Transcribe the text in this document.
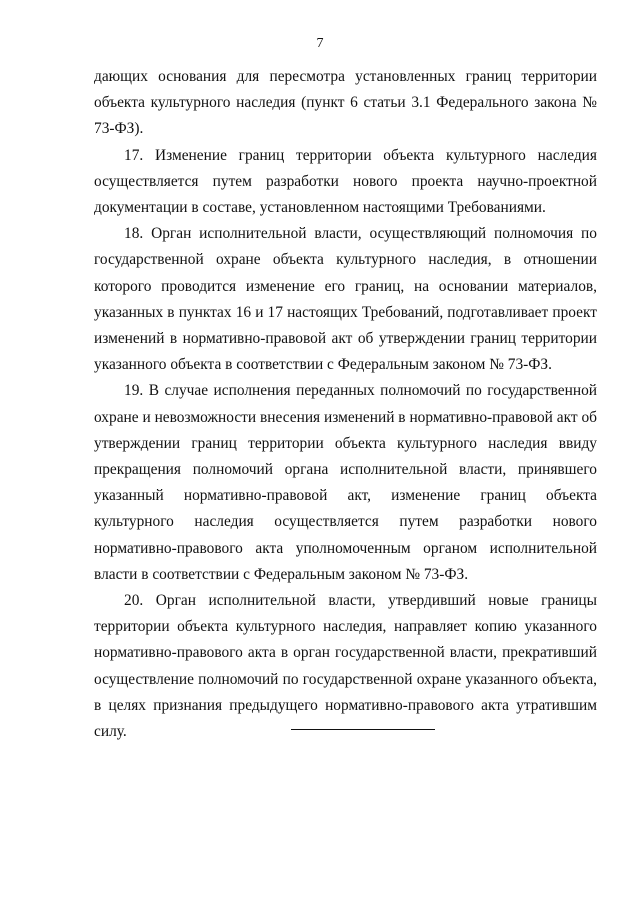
7

дающих основания для пересмотра установленных границ территории объекта культурного наследия (пункт 6 статьи 3.1 Федерального закона № 73-ФЗ).

17. Изменение границ территории объекта культурного наследия осуществляется путем разработки нового проекта научно-проектной документации в составе, установленном настоящими Требованиями.

18. Орган исполнительной власти, осуществляющий полномочия по государственной охране объекта культурного наследия, в отношении которого проводится изменение его границ, на основании материалов, указанных в пунктах 16 и 17 настоящих Требований, подготавливает проект изменений в нормативно-правовой акт об утверждении границ территории указанного объекта в соответствии с Федеральным законом № 73-ФЗ.

19. В случае исполнения переданных полномочий по государственной охране и невозможности внесения изменений в нормативно-правовой акт об утверждении границ территории объекта культурного наследия ввиду прекращения полномочий органа исполнительной власти, принявшего указанный нормативно-правовой акт, изменение границ объекта культурного наследия осуществляется путем разработки нового нормативно-правового акта уполномоченным органом исполнительной власти в соответствии с Федеральным законом № 73-ФЗ.

20. Орган исполнительной власти, утвердивший новые границы территории объекта культурного наследия, направляет копию указанного нормативно-правового акта в орган государственной власти, прекративший осуществление полномочий по государственной охране указанного объекта, в целях признания предыдущего нормативно-правового акта утратившим силу.
